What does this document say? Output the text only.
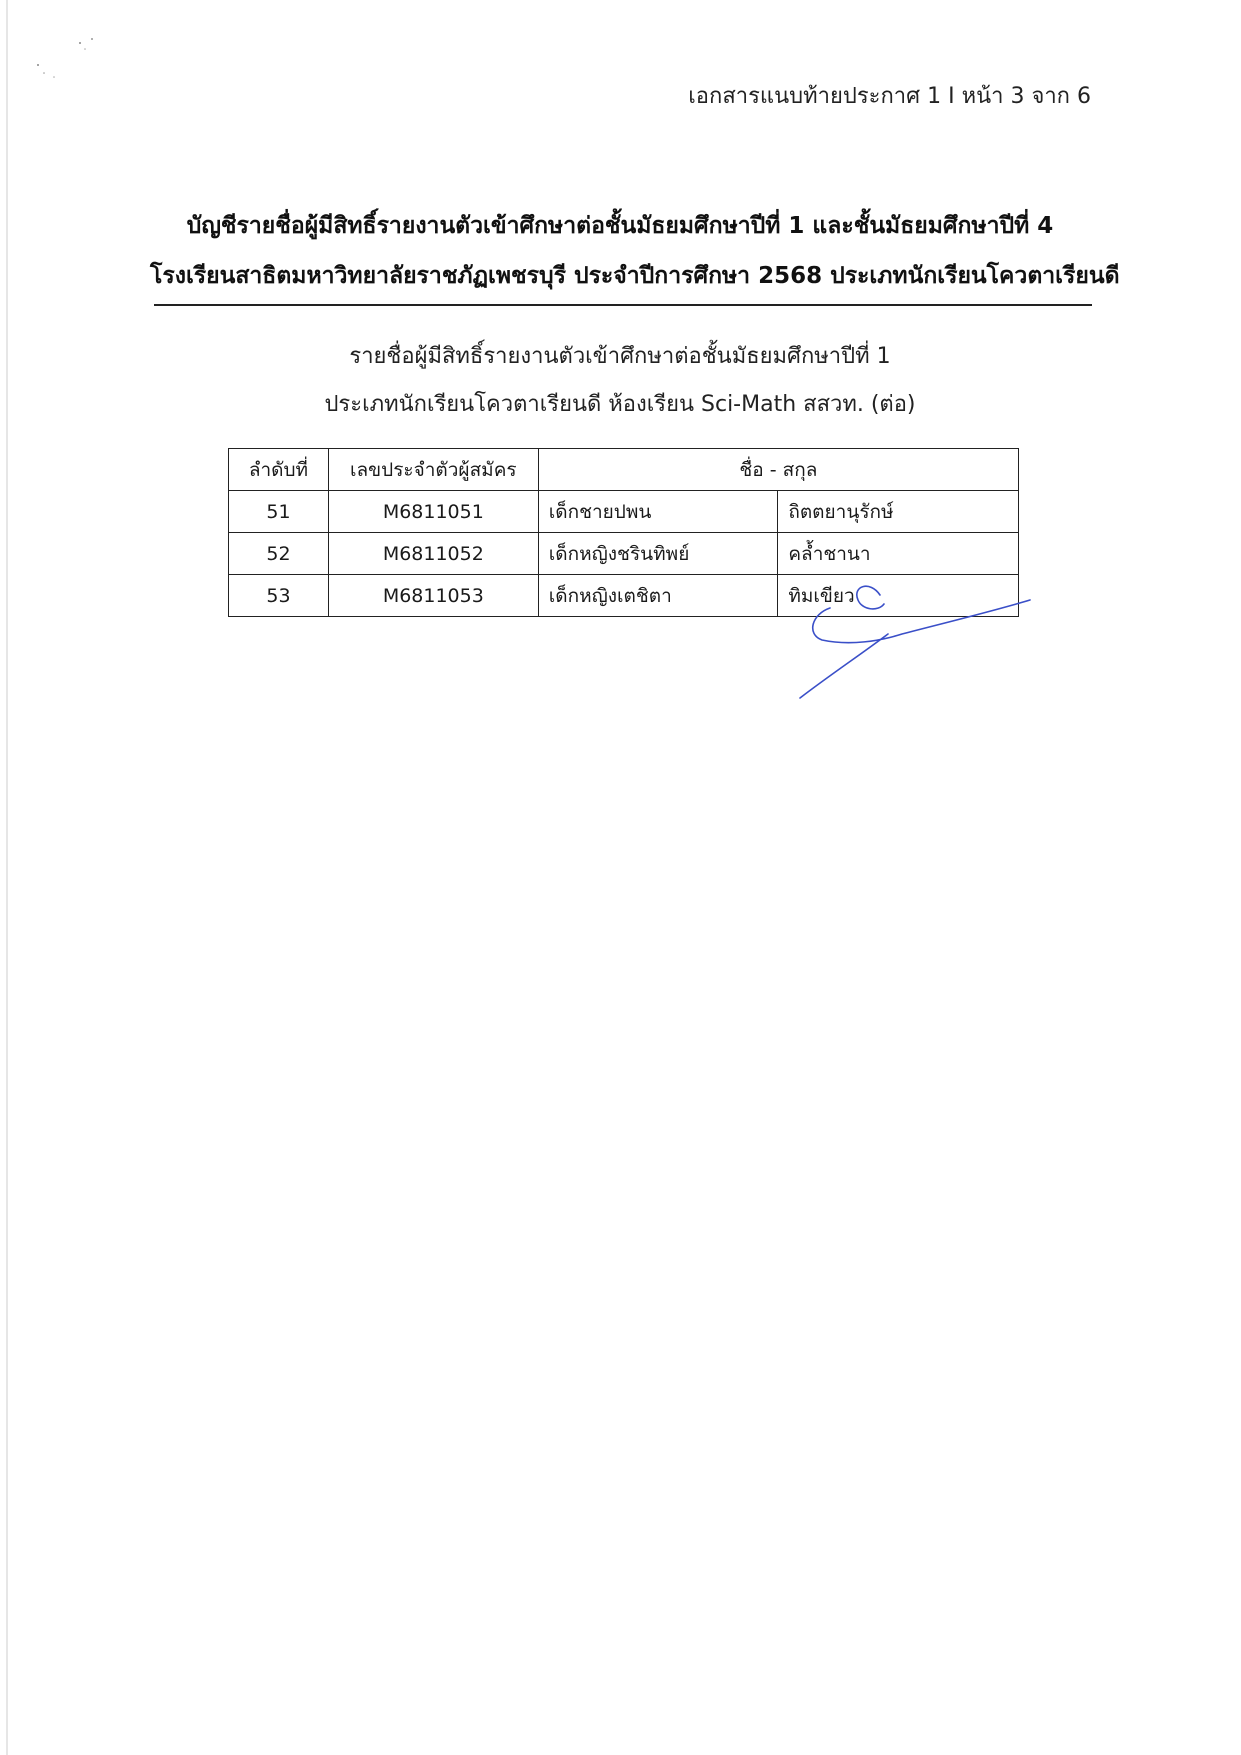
เอกสารแนบท้ายประกาศ 1 I หน้า 3 จาก 6
บัญชีรายชื่อผู้มีสิทธิ์รายงานตัวเข้าศึกษาต่อชั้นมัธยมศึกษาปีที่ 1 และชั้นมัธยมศึกษาปีที่ 4
โรงเรียนสาธิตมหาวิทยาลัยราชภัฏเพชรบุรี ประจำปีการศึกษา 2568 ประเภทนักเรียนโควตาเรียนดี
รายชื่อผู้มีสิทธิ์รายงานตัวเข้าศึกษาต่อชั้นมัธยมศึกษาปีที่ 1
ประเภทนักเรียนโควตาเรียนดี ห้องเรียน Sci-Math สสวท. (ต่อ)
ลำดับที่	เลขประจำตัวผู้สมัคร	ชื่อ - สกุล	
51	M6811051	เด็กชายปพน	ถิตตยานุรักษ์
52	M6811052	เด็กหญิงชรินทิพย์	คล้ำชานา
53	M6811053	เด็กหญิงเตชิตา	ทิมเขียว
